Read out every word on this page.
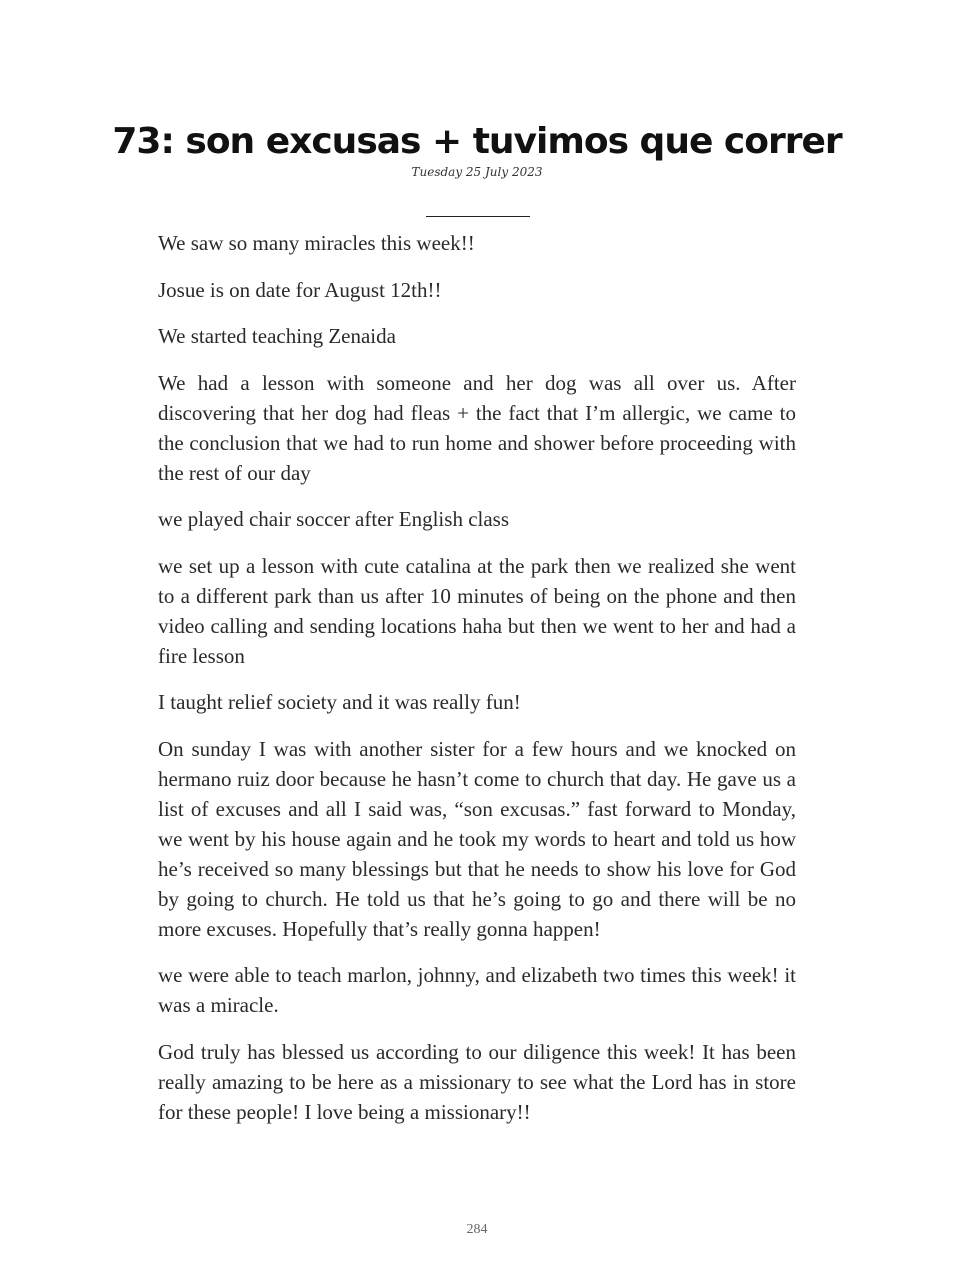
73: son excusas + tuvimos que correr
Tuesday 25 July 2023

We saw so many miracles this week!!

Josue is on date for August 12th!!

We started teaching Zenaida

We had a lesson with someone and her dog was all over us. After discovering that her dog had fleas + the fact that I’m allergic, we came to the conclusion that we had to run home and shower before proceeding with the rest of our day

we played chair soccer after English class

we set up a lesson with cute catalina at the park then we realized she went to a different park than us after 10 minutes of being on the phone and then video calling and sending locations haha but then we went to her and had a fire lesson

I taught relief society and it was really fun!

On sunday I was with another sister for a few hours and we knocked on hermano ruiz door because he hasn’t come to church that day. He gave us a list of excuses and all I said was, “son excusas.” fast forward to Monday, we went by his house again and he took my words to heart and told us how he’s received so many blessings but that he needs to show his love for God by going to church. He told us that he’s going to go and there will be no more excuses. Hopefully that’s really gonna happen!

we were able to teach marlon, johnny, and elizabeth two times this week! it was a miracle.

God truly has blessed us according to our diligence this week! It has been really amazing to be here as a missionary to see what the Lord has in store for these people! I love being a missionary!!

284
